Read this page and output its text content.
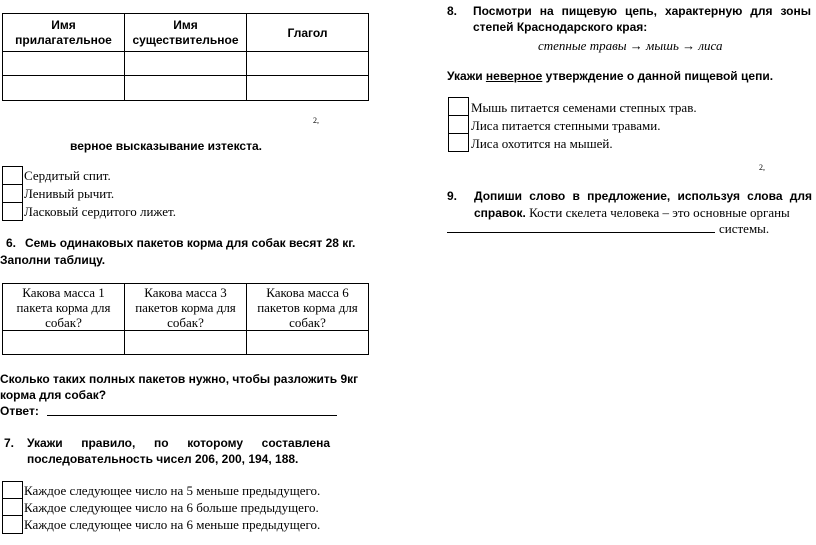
Имя прилагательное	Имя существительное	Глагол

2,
верное высказывание изтекста.
Сердитый спит.
Ленивый рычит.
Ласковый сердитого лижет.
6. Семь одинаковых пакетов корма для собак весят 28 кг.
Заполни таблицу.
Какова масса 1 пакета корма для собак?	Какова масса 3 пакетов корма для собак?	Какова масса 6 пакетов корма для собак?

Сколько таких полных пакетов нужно, чтобы разложить 9кг
корма для собак?
Ответ:
7. Укажи правило, по которому составлена
последовательность чисел 206, 200, 194, 188.
Каждое следующее число на 5 меньше предыдущего.
Каждое следующее число на 6 больше предыдущего.
Каждое следующее число на 6 меньше предыдущего.
8. Посмотри на пищевую цепь, характерную для зоны
степей Краснодарского края:
степные травы → мышь → лиса
Укажи неверное утверждение о данной пищевой цепи.
Мышь питается семенами степных трав.
Лиса питается степными травами.
Лиса охотится на мышей.
2,
9. Допиши слово в предложение, используя слова для
справок. Кости скелета человека – это основные органы
системы.
